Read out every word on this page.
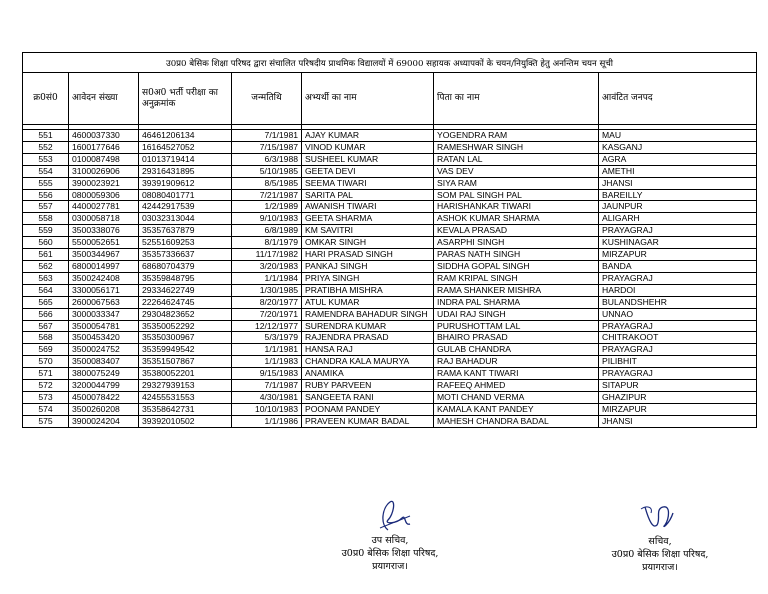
उ0प्र0 बेसिक शिक्षा परिषद द्वारा संचालित परिषदीय प्राथमिक विद्यालयों में 69000 सहायक अध्यापकों के चयन/नियुक्ति हेतु अनन्तिम चयन सूची						
क्र0सं0	आवेदन संख्या	स0अ0 भर्ती परीक्षा का अनुक्रमांक	जन्मतिथि	अभ्यर्थी का नाम	पिता का नाम	आवंटित जनपद

551	4600037330	46461206134	7/1/1981	AJAY KUMAR	YOGENDRA RAM	MAU
552	1600177646	16164527052	7/15/1987	VINOD KUMAR	RAMESHWAR SINGH	KASGANJ
553	0100087498	01013719414	6/3/1988	SUSHEEL KUMAR	RATAN LAL	AGRA
554	3100026906	29316431895	5/10/1985	GEETA DEVI	VAS DEV	AMETHI
555	3900023921	39391909612	8/5/1985	SEEMA TIWARI	SIYA RAM	JHANSI
556	0800059306	08080401771	7/21/1987	SARITA PAL	SOM PAL SINGH PAL	BAREILLY
557	4400027781	42442917539	1/2/1989	AWANISH TIWARI	HARISHANKAR TIWARI	JAUNPUR
558	0300058718	03032313044	9/10/1983	GEETA SHARMA	ASHOK KUMAR SHARMA	ALIGARH
559	3500338076	35357637879	6/8/1989	KM SAVITRI	KEVALA PRASAD	PRAYAGRAJ
560	5500052651	52551609253	8/1/1979	OMKAR SINGH	ASARPHI SINGH	KUSHINAGAR
561	3500344967	35357336637	11/17/1982	HARI PRASAD SINGH	PARAS NATH SINGH	MIRZAPUR
562	6800014997	68680704379	3/20/1983	PANKAJ SINGH	SIDDHA GOPAL SINGH	BANDA
563	3500242408	35359848795	1/1/1984	PRIYA SINGH	RAM KRIPAL SINGH	PRAYAGRAJ
564	3300056171	29334622749	1/30/1985	PRATIBHA MISHRA	RAMA SHANKER MISHRA	HARDOI
565	2600067563	22264624745	8/20/1977	ATUL KUMAR	INDRA PAL SHARMA	BULANDSHEHR
566	3000033347	29304823652	7/20/1971	RAMENDRA BAHADUR SINGH	UDAI RAJ SINGH	UNNAO
567	3500054781	35350052292	12/12/1977	SURENDRA KUMAR	PURUSHOTTAM LAL	PRAYAGRAJ
568	3500453420	35350300967	5/3/1979	RAJENDRA PRASAD	BHAIRO PRASAD	CHITRAKOOT
569	3500024752	35359949542	1/1/1981	HANSA RAJ	GULAB CHANDRA	PRAYAGRAJ
570	3500083407	35351507867	1/1/1983	CHANDRA KALA MAURYA	RAJ BAHADUR	PILIBHIT
571	3800075249	35380052201	9/15/1983	ANAMIKA	RAMA KANT TIWARI	PRAYAGRAJ
572	3200044799	29327939153	7/1/1987	RUBY PARVEEN	RAFEEQ AHMED	SITAPUR
573	4500078422	42455531553	4/30/1981	SANGEETA RANI	MOTI CHAND VERMA	GHAZIPUR
574	3500260208	35358642731	10/10/1983	POONAM PANDEY	KAMALA KANT PANDEY	MIRZAPUR
575	3900024204	39392010502	1/1/1986	PRAVEEN KUMAR BADAL	MAHESH CHANDRA BADAL	JHANSI
उप सचिव,
उ0प्र0 बेसिक शिक्षा परिषद,
प्रयागराज।
सचिव,
उ0प्र0 बेसिक शिक्षा परिषद,
प्रयागराज।
